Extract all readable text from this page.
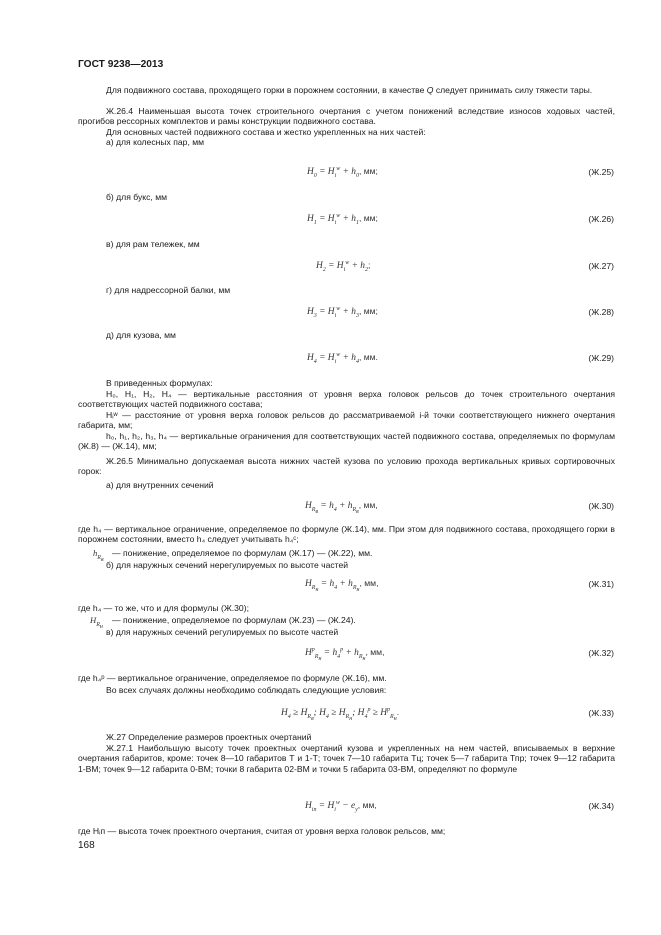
ГОСТ 9238—2013
Для подвижного состава, проходящего горки в порожнем состоянии, в качестве Q следует принимать силу тяжести тары.
Ж.26.4 Наименьшая высота точек строительного очертания с учетом понижений вследствие износов ходовых частей, прогибов рессорных комплектов и рамы конструкции подвижного состава.
Для основных частей подвижного состава и жестко укрепленных на них частей:
а) для колесных пар, мм
$H_0 = H_i^w + h_0$, мм;	(Ж.25)
б) для букс, мм
$H_1 = H_i^w + h_1$, мм;	(Ж.26)
в) для рам тележек, мм
$H_2 = H_i^w + h_2$;	(Ж.27)
г) для надрессорной балки, мм
$H_3 = H_i^w + h_3$, мм;	(Ж.28)
д) для кузова, мм
$H_4 = H_i^w + h_4$, мм.	(Ж.29)
В приведенных формулах:
H₀, H₁, H₂, H₄ — вертикальные расстояния от уровня верха головок рельсов до точек строительного очертания соответствующих частей подвижного состава;
Hᵢʷ — расстояние от уровня верха головок рельсов до рассматриваемой i-й точки соответствующего нижнего очертания габарита, мм;
h₀, h₁, h₂, h₃, h₄ — вертикальные ограничения для соответствующих частей подвижного состава, определяемых по формулам (Ж.8) — (Ж.14), мм;
Ж.26.5 Минимально допускаемая высота нижних частей кузова по условию прохода вертикальных кривых сортировочных горок:
а) для внутренних сечений
$H_{R_в} = h_4 + h_{R_в}$, мм,	(Ж.30)
где h₄ — вертикальное ограничение, определяемое по формуле (Ж.14), мм. При этом для подвижного состава, проходящего горки в порожнем состоянии, вместо h₄ следует учитывать h₄ᶜ;
$h_{R_в}$
— понижение, определяемое по формулам (Ж.17) — (Ж.22), мм.
б) для наружных сечений нерегулируемых по высоте частей
$H_{R_н} = h_4 + h_{R_н}$, мм,	(Ж.31)
где h₄ — то же, что и для формулы (Ж.30);
$H_{R_н}$
— понижение, определяемое по формулам (Ж.23) — (Ж.24).
в) для наружных сечений регулируемых по высоте частей
$H^р_{R_н} = h_4^р + h_{R_н}$, мм,	(Ж.32)
где h₄ᵖ — вертикальное ограничение, определяемое по формуле (Ж.16), мм.
Во всех случаях должны необходимо соблюдать следующие условия:
$H_4 \ge H_{R_в}$; $H_4 \ge H_{R_н}$; $H_4^р \ge H^р_{R_н}$.	(Ж.33)
Ж.27 Определение размеров проектных очертаний
Ж.27.1 Наибольшую высоту точек проектных очертаний кузова и укрепленных на нем частей, вписываемых в верхние очертания габаритов, кроме: точек 8—10 габаритов Т и 1-Т; точек 7—10 габарита Тц; точек 5—7 габарита Тпр; точек 9—12 габарита 1-ВМ; точек 9—12 габарита 0-ВМ; точки 8 габарита 02-ВМ и точки 5 габарита 03-ВМ, определяют по формуле
$H_{iп} = H_i^w - e_у$, мм,	(Ж.34)
где Hᵢп — высота точек проектного очертания, считая от уровня верха головок рельсов, мм;
168
